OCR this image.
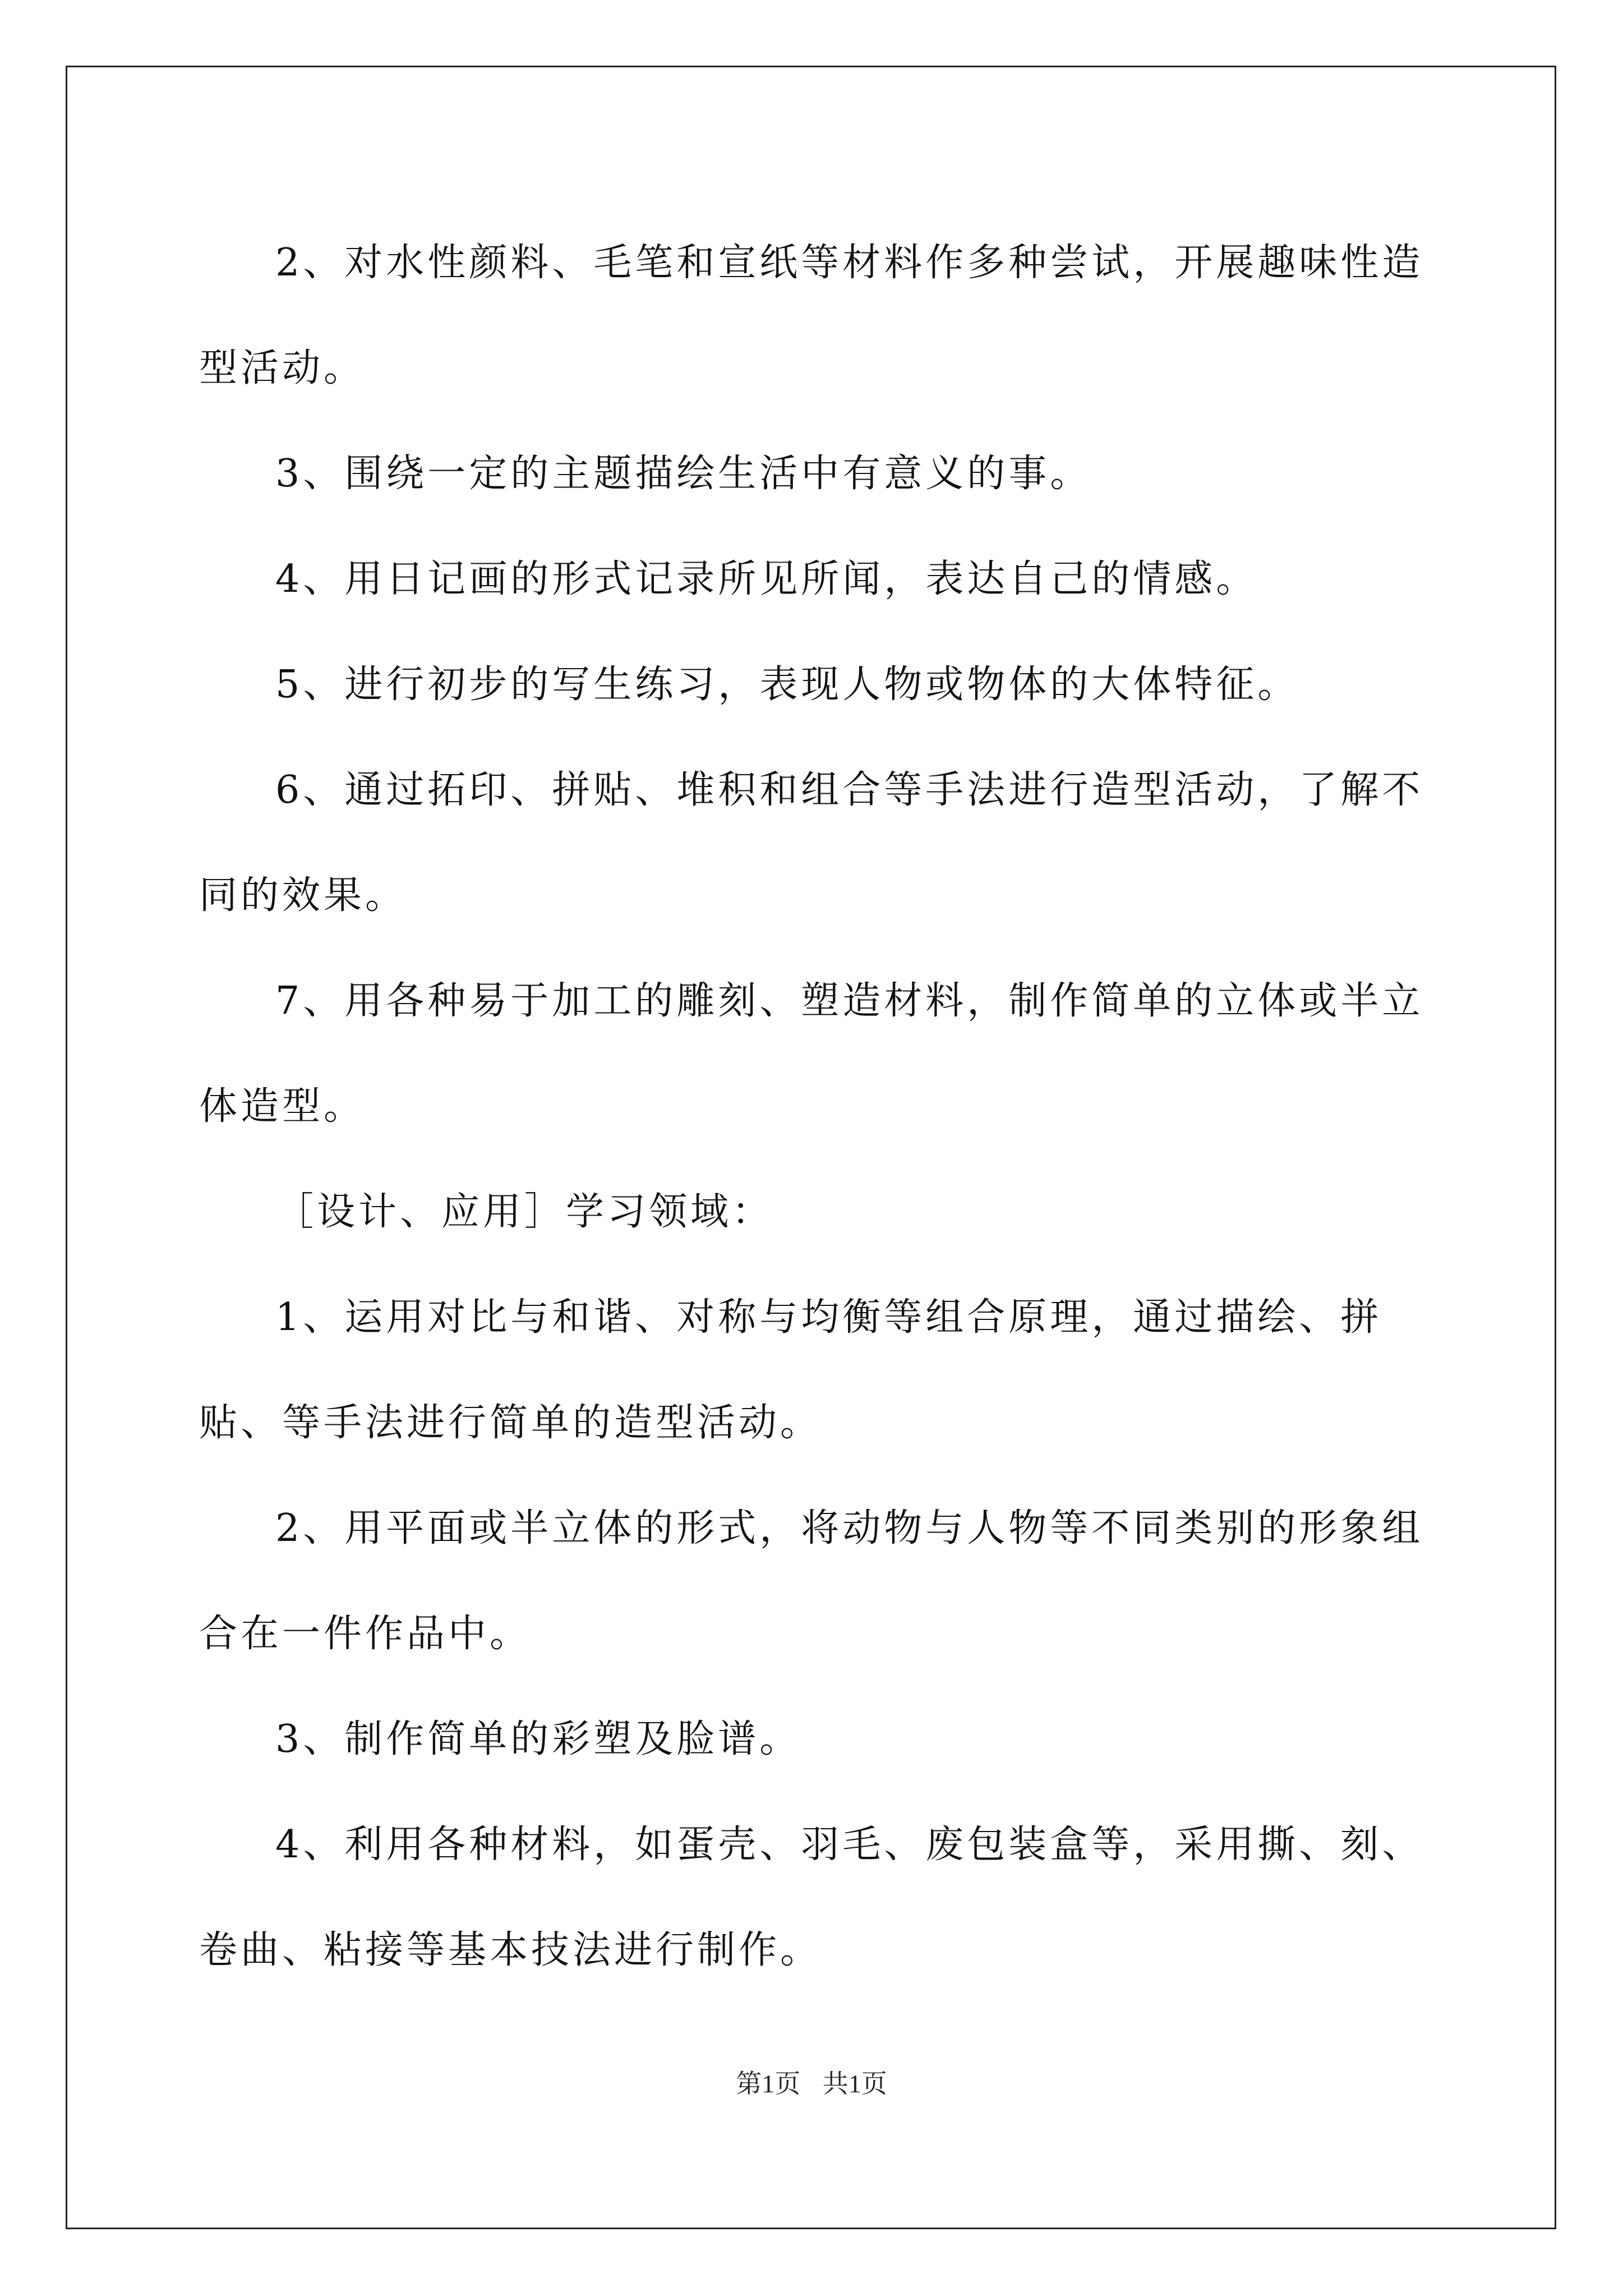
2、对水性颜料、毛笔和宣纸等材料作多种尝试，开展趣味性造型活动。

3、围绕一定的主题描绘生活中有意义的事。

4、用日记画的形式记录所见所闻，表达自己的情感。

5、进行初步的写生练习，表现人物或物体的大体特征。

6、通过拓印、拼贴、堆积和组合等手法进行造型活动，了解不同的效果。

7、用各种易于加工的雕刻、塑造材料，制作简单的立体或半立体造型。

［设计、应用］学习领域：

1、运用对比与和谐、对称与均衡等组合原理，通过描绘、拼贴、等手法进行简单的造型活动。

2、用平面或半立体的形式，将动物与人物等不同类别的形象组合在一件作品中。

3、制作简单的彩塑及脸谱。

4、利用各种材料，如蛋壳、羽毛、废包装盒等，采用撕、刻、卷曲、粘接等基本技法进行制作。

第1页 共1页
